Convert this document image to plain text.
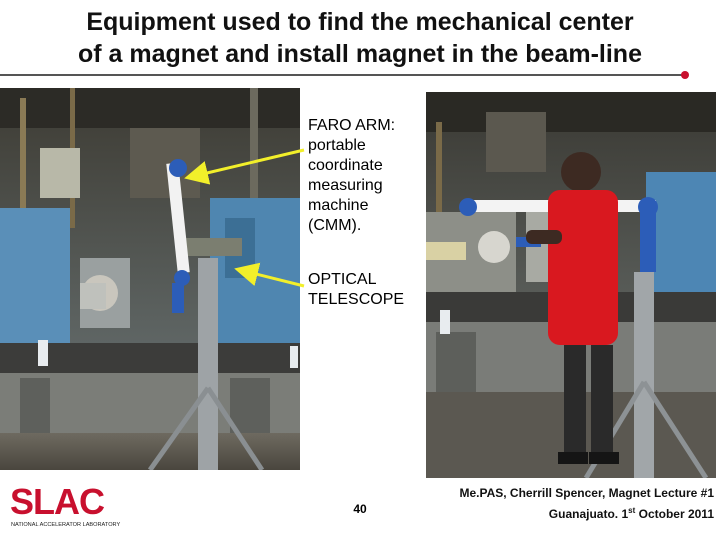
Equipment used to find the mechanical center
of a magnet and install magnet in the beam-line
FARO ARM:
portable
coordinate
measuring
machine
(CMM).
OPTICAL
TELESCOPE
SLAC
NATIONAL ACCELERATOR LABORATORY
40
Me.PAS, Cherrill Spencer, Magnet Lecture #1
Guanajuato. 1st October 2011
